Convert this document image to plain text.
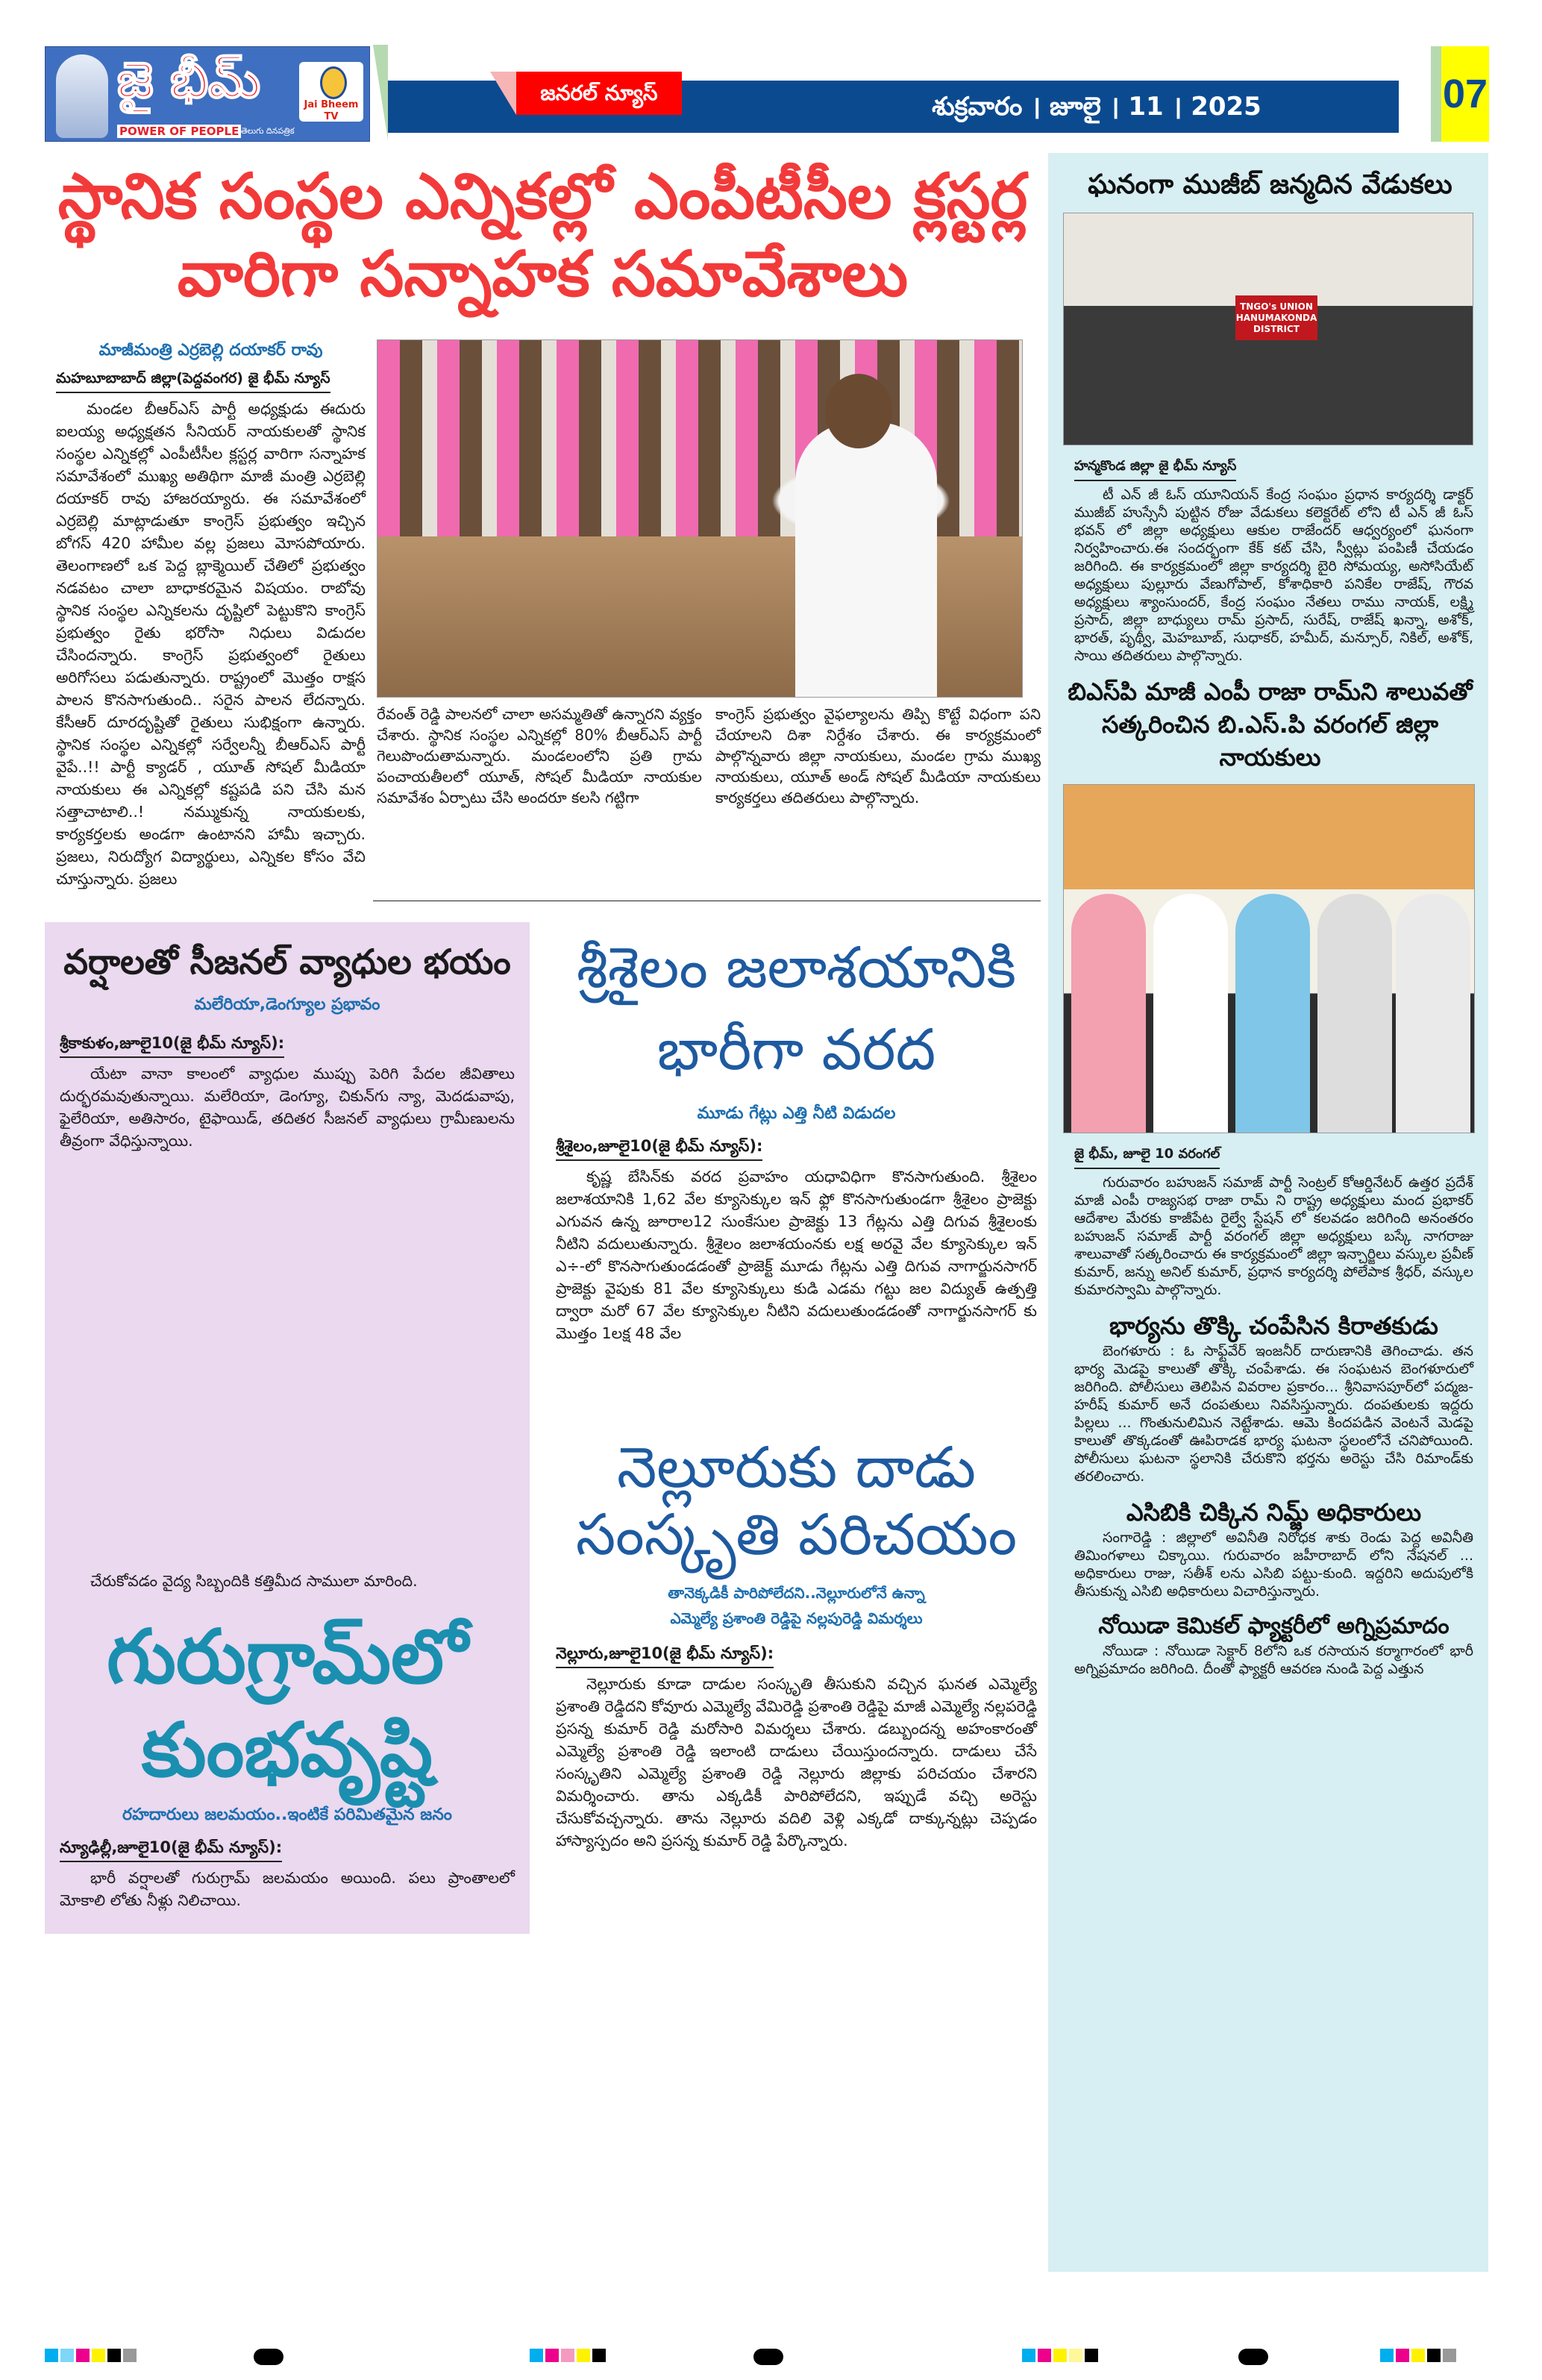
జై భీమ్
POWER OF PEOPLE తెలుగు దినపత్రిక
Jai Bheem TV
జనరల్ న్యూస్	శుక్రవారం । జూలై । 11 । 2025	07
స్థానిక సంస్థల ఎన్నికల్లో ఎంపీటీసీల క్లస్టర్ల వారిగా సన్నాహక సమావేశాలు
మాజీమంత్రి ఎర్రబెల్లి దయాకర్ రావు
మహబూబాబాద్ జిల్లా(పెద్దవంగర) జై భీమ్ న్యూస్

మండల బీఆర్ఎస్ పార్టీ అధ్యక్షుడు ఈదురు ఐలయ్య అధ్యక్షతన సీనియర్ నాయకులతో స్థానిక సంస్థల ఎన్నికల్లో ఎంపీటీసీల క్లస్టర్ల వారిగా సన్నాహక సమావేశంలో ముఖ్య అతిథిగా మాజీ మంత్రి ఎర్రబెల్లి దయాకర్ రావు హాజరయ్యారు. ఈ సమావేశంలో ఎర్రబెల్లి మాట్లాడుతూ కాంగ్రెస్ ప్రభుత్వం ఇచ్చిన బోగస్ 420 హామీల వల్ల ప్రజలు మోసపోయారు. తెలంగాణలో ఒక పెద్ద బ్లాక్మెయిల్ చేతిలో ప్రభుత్వం నడవటం చాలా బాధాకరమైన విషయం. రాబోవు స్థానిక సంస్థల ఎన్నికలను దృష్టిలో పెట్టుకొని కాంగ్రెస్ ప్రభుత్వం రైతు భరోసా నిధులు విడుదల చేసిందన్నారు. కాంగ్రెస్ ప్రభుత్వంలో రైతులు అరిగోసలు పడుతున్నారు. రాష్ట్రంలో మొత్తం రాక్షస పాలన కొనసాగుతుంది.. సరైన పాలన లేదన్నారు. కేసీఆర్ దూరదృష్టితో రైతులు సుభిక్షంగా ఉన్నారు. స్థానిక సంస్థల ఎన్నికల్లో సర్వేలన్నీ బీఆర్ఎస్ పార్టీ వైపే..!! పార్టీ క్యాడర్ , యూత్ సోషల్ మీడియా నాయకులు ఈ ఎన్నికల్లో కష్టపడి పని చేసి మన సత్తాచాటాలి..! నమ్ముకున్న నాయకులకు, కార్యకర్తలకు అండగా ఉంటానని హామీ ఇచ్చారు. ప్రజలు, నిరుద్యోగ విద్యార్థులు, ఎన్నికల కోసం వేచి చూస్తున్నారు. ప్రజలు

రేవంత్ రెడ్డి పాలనలో చాలా అసమ్మతితో ఉన్నారని వ్యక్తం చేశారు. స్థానిక సంస్థల ఎన్నికల్లో 80% బీఆర్ఎస్ పార్టీ గెలుపొందుతామన్నారు. మండలంలోని ప్రతి గ్రామ పంచాయతీలలో యూత్, సోషల్ మీడియా నాయకుల సమావేశం ఏర్పాటు చేసి అందరూ కలసి గట్టిగా

కాంగ్రెస్ ప్రభుత్వం వైఫల్యాలను తిప్పి కొట్టే విధంగా పని చేయాలని దిశా నిర్దేశం చేశారు. ఈ కార్యక్రమంలో పాల్గొన్నవారు జిల్లా నాయకులు, మండల గ్రామ ముఖ్య నాయకులు, యూత్ అండ్ సోషల్ మీడియా నాయకులు కార్యకర్తలు తదితరులు పాల్గొన్నారు.

వర్షాలతో సీజనల్ వ్యాధుల భయం
మలేరియా,డెంగ్యూల ప్రభావం
శ్రీకాకుళం,జూలై10(జై భీమ్ న్యూస్):

యేటా వానా కాలంలో వ్యాధుల ముప్పు పెరిగి పేదల జీవితాలు దుర్భరమవుతున్నాయి. మలేరియా, డెంగ్యూ, చికున్‌గు న్యా, మెదడువాపు, ఫైలేరియా, అతిసారం, టైఫాయిడ్, తదితర సీజనల్ వ్యాధులు గ్రామీణులను తీవ్రంగా వేధిస్తున్నాయి.

చేరుకోవడం వైద్య సిబ్బందికి కత్తిమీద సాములా మారింది.

గురుగ్రామ్‌లో కుంభవృష్టి
రహదారులు జలమయం..ఇంటికే పరిమితమైన జనం
న్యూఢిల్లీ,జూలై10(జై భీమ్ న్యూస్):

భారీ వర్షాలతో గురుగ్రామ్ జలమయం అయింది. పలు ప్రాంతాలలో మోకాలి లోతు నీళ్లు నిలిచాయి.

శ్రీశైలం జలాశయానికి భారీగా వరద
మూడు గేట్లు ఎత్తి నీటి విడుదల
శ్రీశైలం,జూలై10(జై భీమ్ న్యూస్):

కృష్ణ బేసిన్‌కు వరద ప్రవాహం యధావిధిగా కొనసాగుతుంది. శ్రీశైలం జలాశయానికి 1,62 వేల క్యూసెక్కుల ఇన్ ఫ్లో కొనసాగుతుండగా శ్రీశైలం ప్రాజెక్టు ఎగువన ఉన్న జూరాల12 సుంకేసుల ప్రాజెక్టు 13 గేట్లను ఎత్తి దిగువ శ్రీశైలంకు నీటిని వదులుతున్నారు. శ్రీశైలం జలాశయంనకు లక్ష అరవై వేల క్యూసెక్కుల ఇన్ ఎ÷-లో కొనసాగుతుండడంతో ప్రాజెక్ట్ మూడు గేట్లను ఎత్తి దిగువ నాగార్జునసాగర్ ప్రాజెక్టు వైపుకు 81 వేల క్యూసెక్కులు కుడి ఎడమ గట్టు జల విద్యుత్ ఉత్పత్తి ద్వారా మరో 67 వేల క్యూసెక్కుల నీటిని వదులుతుండడంతో నాగార్జునసాగర్ కు మొత్తం 1లక్ష 48 వేల

నెల్లూరుకు దాడు సంస్కృతి పరిచయం
తానెక్కడికీ పారిపోలేదని..నెల్లూరులోనే ఉన్నా
ఎమ్మెల్యే ప్రశాంతి రెడ్డిపై నల్లపురెడ్డి విమర్శలు
నెల్లూరు,జూలై10(జై భీమ్ న్యూస్):

నెల్లూరుకు కూడా దాడుల సంస్కృతి తీసుకుని వచ్చిన ఘనత ఎమ్మెల్యే ప్రశాంతి రెడ్డిదని కోవూరు ఎమ్మెల్యే వేమిరెడ్డి ప్రశాంతి రెడ్డిపై మాజీ ఎమ్మెల్యే నల్లపరెడ్డి ప్రసన్న కుమార్ రెడ్డి మరోసారి విమర్శలు చేశారు. డబ్బుందన్న అహంకారంతో ఎమ్మెల్యే ప్రశాంతి రెడ్డి ఇలాంటి దాడులు చేయిస్తుందన్నారు. దాడులు చేసే సంస్కృతిని ఎమ్మెల్యే ప్రశాంతి రెడ్డి నెల్లూరు జిల్లాకు పరిచయం చేశారని విమర్శించారు. తాను ఎక్కడికీ పారిపోలేదని, ఇప్పుడే వచ్చి అరెస్టు చేసుకోవచ్చన్నారు. తాను నెల్లూరు వదిలి వెళ్లి ఎక్కడో దాక్కున్నట్లు చెప్పడం హాస్యాస్పదం అని ప్రసన్న కుమార్ రెడ్డి పేర్కొన్నారు.

ఘనంగా ముజీబ్ జన్మదిన వేడుకలు
TNGO's UNION HANUMAKONDA DISTRICT
హన్మకొండ జిల్లా జై భీమ్ న్యూస్

టీ ఎన్ జీ ఓస్ యూనియన్ కేంద్ర సంఘం ప్రధాన కార్యదర్శి డాక్టర్ ముజీబ్ హుస్సేనీ పుట్టిన రోజు వేడుకలు కలెక్టరేట్ లోని టీ ఎన్ జీ ఓస్ భవన్ లో జిల్లా అధ్యక్షులు ఆకుల రాజేందర్ ఆధ్వర్యంలో ఘనంగా నిర్వహించారు.ఈ సందర్భంగా కేక్ కట్ చేసి, స్వీట్లు పంపిణీ చేయడం జరిగింది. ఈ కార్యక్రమంలో జిల్లా కార్యదర్శి బైరి సోమయ్య, అసోసియేట్ అధ్యక్షులు పుల్లూరు వేణుగోపాల్, కోశాధికారి పనికేల రాజేష్, గౌరవ అధ్యక్షులు శ్యాంసుందర్, కేంద్ర సంఘం నేతలు రాము నాయక్, లక్ష్మి ప్రసాద్, జిల్లా బాధ్యులు రామ్ ప్రసాద్, సురేష్, రాజేష్ ఖన్నా, అశోక్, భారత్, పృథ్వీ, మెహబూబ్, సుధాకర్, హమీద్, మన్సూర్, నికిల్, అశోక్, సాయి తదితరులు పాల్గొన్నారు.

బిఎస్‌పి మాజీ ఎంపీ రాజా రామ్‌ని శాలువతో సత్కరించిన బి.ఎస్.పి వరంగల్ జిల్లా నాయకులు
జై భీమ్, జూలై 10 వరంగల్

గురువారం బహుజన్ సమాజ్ పార్టీ సెంట్రల్ కోఆర్డినేటర్ ఉత్తర ప్రదేశ్ మాజీ ఎంపీ రాజ్యసభ రాజా రామ్ ని రాష్ట్ర అధ్యక్షులు మంద ప్రభాకర్ ఆదేశాల మేరకు కాజీపేట రైల్వే స్టేషన్ లో కలవడం జరిగింది అనంతరం బహుజన్ సమాజ్ పార్టీ వరంగల్ జిల్లా అధ్యక్షులు బస్కే నాగరాజు శాలువాతో సత్కరించారు ఈ కార్యక్రమంలో జిల్లా ఇన్చార్జిలు వస్కుల ప్రవీణ్ కుమార్, జన్ను అనిల్ కుమార్, ప్రధాన కార్యదర్శి పోలేపాక శ్రీధర్, వస్కుల కుమారస్వామి పాల్గొన్నారు.

భార్యను తొక్కి చంపేసిన కిరాతకుడు

బెంగళూరు : ఓ సాఫ్ట్‌వేర్ ఇంజనీర్ దారుణానికి తెగించాడు. తన భార్య మెడపై కాలుతో తొక్కి చంపేశాడు. ఈ సంఘటన బెంగళూరులో జరిగింది. పోలీసులు తెలిపిన వివరాల ప్రకారం... శ్రీనివాసపూర్‌లో పద్మజ-హరీష్ కుమార్ అనే దంపతులు నివసిస్తున్నారు. దంపతులకు ఇద్దరు పిల్లలు ... గొంతునులిమిన నెట్టేశాడు. ఆమె కిందపడిన వెంటనే మెడపై కాలుతో తొక్కడంతో ఊపిరాడక భార్య ఘటనా స్థలంలోనే చనిపోయింది. పోలీసులు ఘటనా స్థలానికి చేరుకొని భర్తను అరెస్టు చేసి రిమాండ్‌కు తరలించారు.

ఎసిబికి చిక్కిన నిమ్జ్ అధికారులు

సంగారెడ్డి : జిల్లాలో అవినీతి నిరోధక శాకు రెండు పెద్ద అవినీతి తిమింగళాలు చిక్కాయి. గురువారం జహీరాబాద్ లోని నేషనల్ ... అధికారులు రాజు, సతీశ్ లను ఎసిబి పట్టు-కుంది. ఇద్దరిని అదుపులోకి తీసుకున్న ఎసిబి అధికారులు విచారిస్తున్నారు.

నోయిడా కెమికల్ ఫ్యాక్టరీలో అగ్నిప్రమాదం

నోయిడా : నోయిడా సెక్టార్ 8లోని ఒక రసాయన కర్మాగారంలో భారీ అగ్నిప్రమాదం జరిగింది. దీంతో ఫ్యాక్టరీ ఆవరణ నుండి పెద్ద ఎత్తున
